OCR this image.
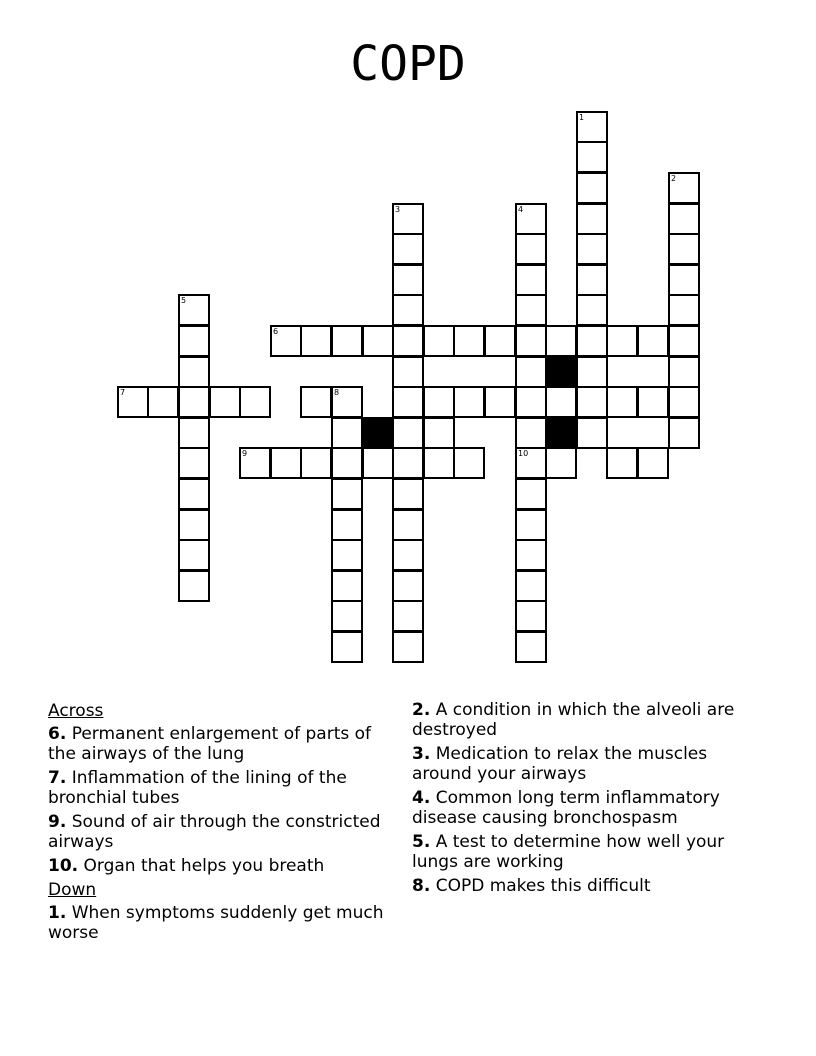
COPD
1
2
3	4
10
5
6
7	8
9
Across
6. Permanent enlargement of parts of the airways of the lung
7. Inflammation of the lining of the bronchial tubes
9. Sound of air through the constricted airways
10. Organ that helps you breath
Down
1. When symptoms suddenly get much worse
2. A condition in which the alveoli are destroyed
3. Medication to relax the muscles around your airways
4. Common long term inflammatory disease causing bronchospasm
5. A test to determine how well your lungs are working
8. COPD makes this difficult
